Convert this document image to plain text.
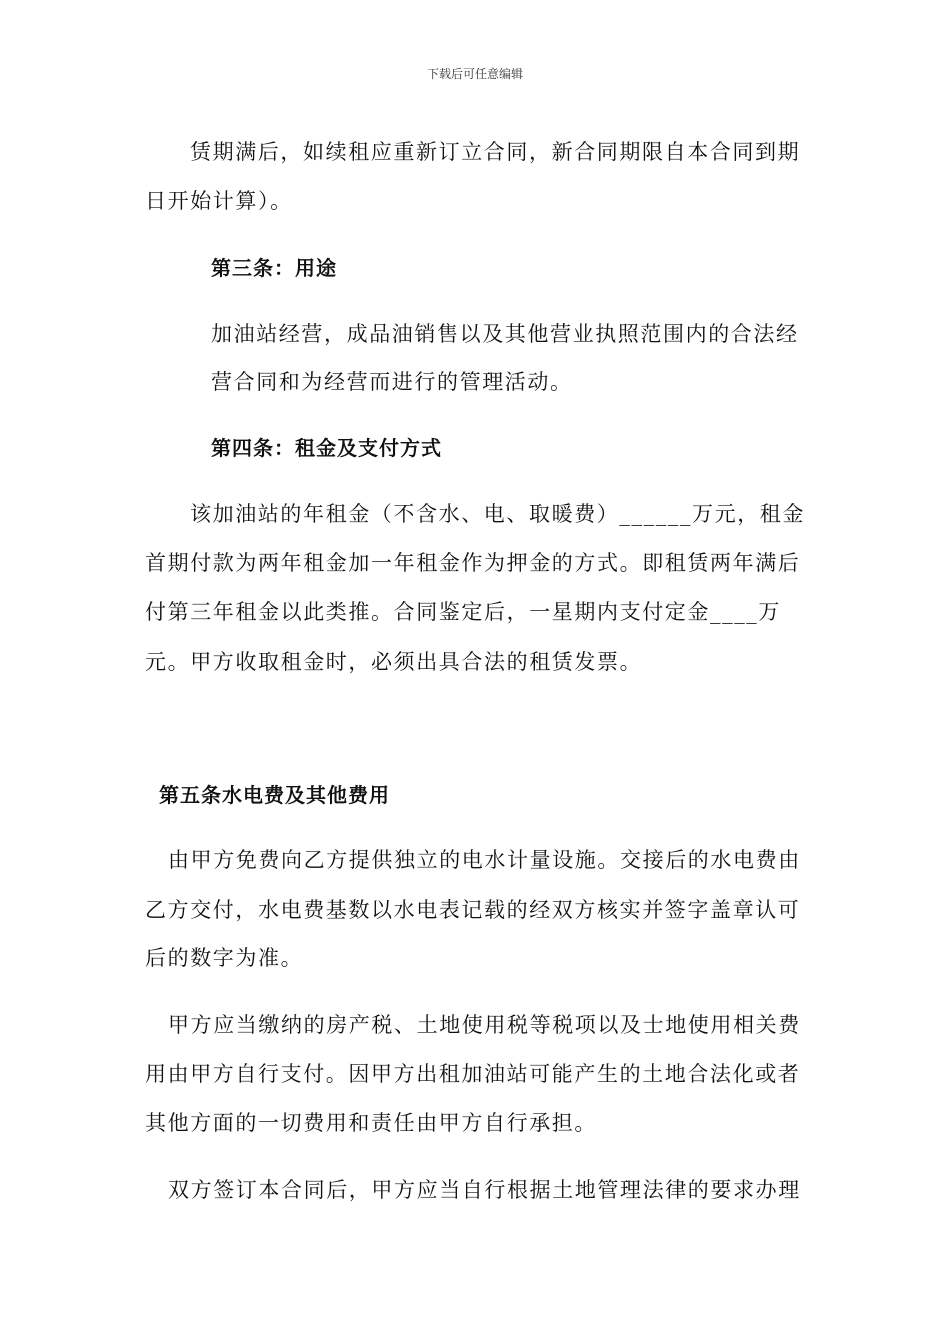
下载后可任意编辑
赁期满后，如续租应重新订立合同，新合同期限自本合同到期
日开始计算）。
第三条：用途
加油站经营，成品油销售以及其他营业执照范围内的合法经
营合同和为经营而进行的管理活动。
第四条：租金及支付方式
该加油站的年租金（不含水、电、取暖费）______万元，租金
首期付款为两年租金加一年租金作为押金的方式。即租赁两年满后
付第三年租金以此类推。合同鉴定后，一星期内支付定金____万
元。甲方收取租金时，必须出具合法的租赁发票。
第五条水电费及其他费用
由甲方免费向乙方提供独立的电水计量设施。交接后的水电费由
乙方交付，水电费基数以水电表记载的经双方核实并签字盖章认可
后的数字为准。
甲方应当缴纳的房产税、土地使用税等税项以及士地使用相关费
用由甲方自行支付。因甲方出租加油站可能产生的土地合法化或者
其他方面的一切费用和责任由甲方自行承担。
双方签订本合同后，甲方应当自行根据土地管理法律的要求办理
